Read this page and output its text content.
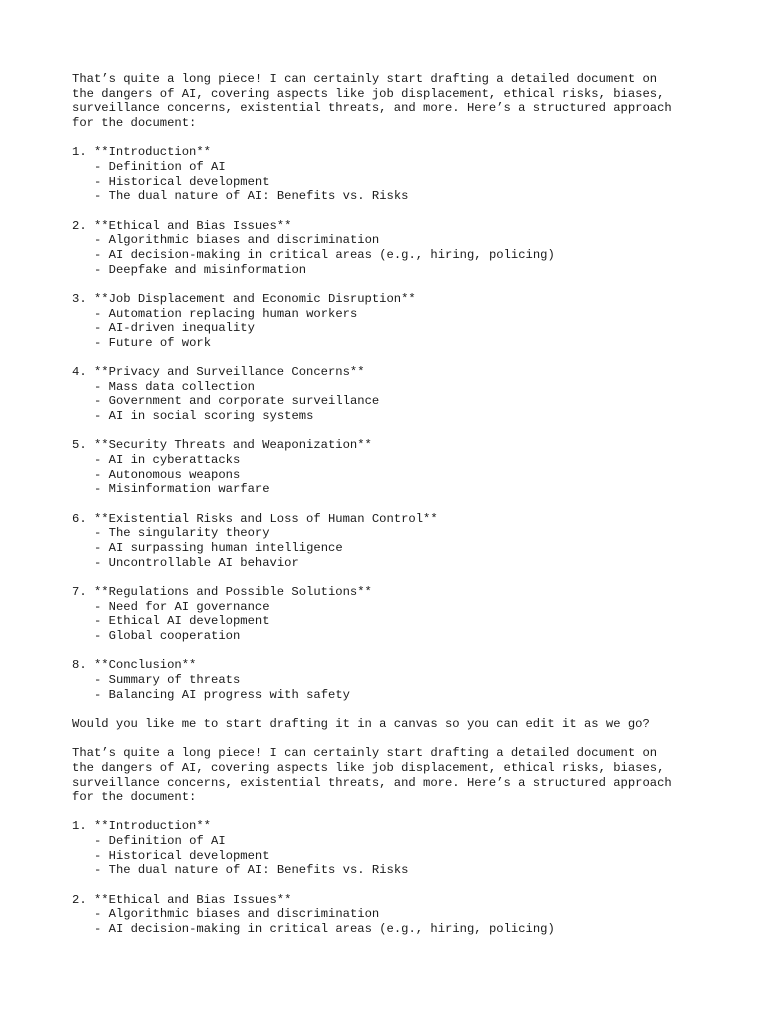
That’s quite a long piece! I can certainly start drafting a detailed document on
the dangers of AI, covering aspects like job displacement, ethical risks, biases,
surveillance concerns, existential threats, and more. Here’s a structured approach
for the document:
1. **Introduction**
- Definition of AI
- Historical development
- The dual nature of AI: Benefits vs. Risks
2. **Ethical and Bias Issues**
- Algorithmic biases and discrimination
- AI decision-making in critical areas (e.g., hiring, policing)
- Deepfake and misinformation
3. **Job Displacement and Economic Disruption**
- Automation replacing human workers
- AI-driven inequality
- Future of work
4. **Privacy and Surveillance Concerns**
- Mass data collection
- Government and corporate surveillance
- AI in social scoring systems
5. **Security Threats and Weaponization**
- AI in cyberattacks
- Autonomous weapons
- Misinformation warfare
6. **Existential Risks and Loss of Human Control**
- The singularity theory
- AI surpassing human intelligence
- Uncontrollable AI behavior
7. **Regulations and Possible Solutions**
- Need for AI governance
- Ethical AI development
- Global cooperation
8. **Conclusion**
- Summary of threats
- Balancing AI progress with safety
Would you like me to start drafting it in a canvas so you can edit it as we go?
That’s quite a long piece! I can certainly start drafting a detailed document on
the dangers of AI, covering aspects like job displacement, ethical risks, biases,
surveillance concerns, existential threats, and more. Here’s a structured approach
for the document:
1. **Introduction**
- Definition of AI
- Historical development
- The dual nature of AI: Benefits vs. Risks
2. **Ethical and Bias Issues**
- Algorithmic biases and discrimination
- AI decision-making in critical areas (e.g., hiring, policing)
